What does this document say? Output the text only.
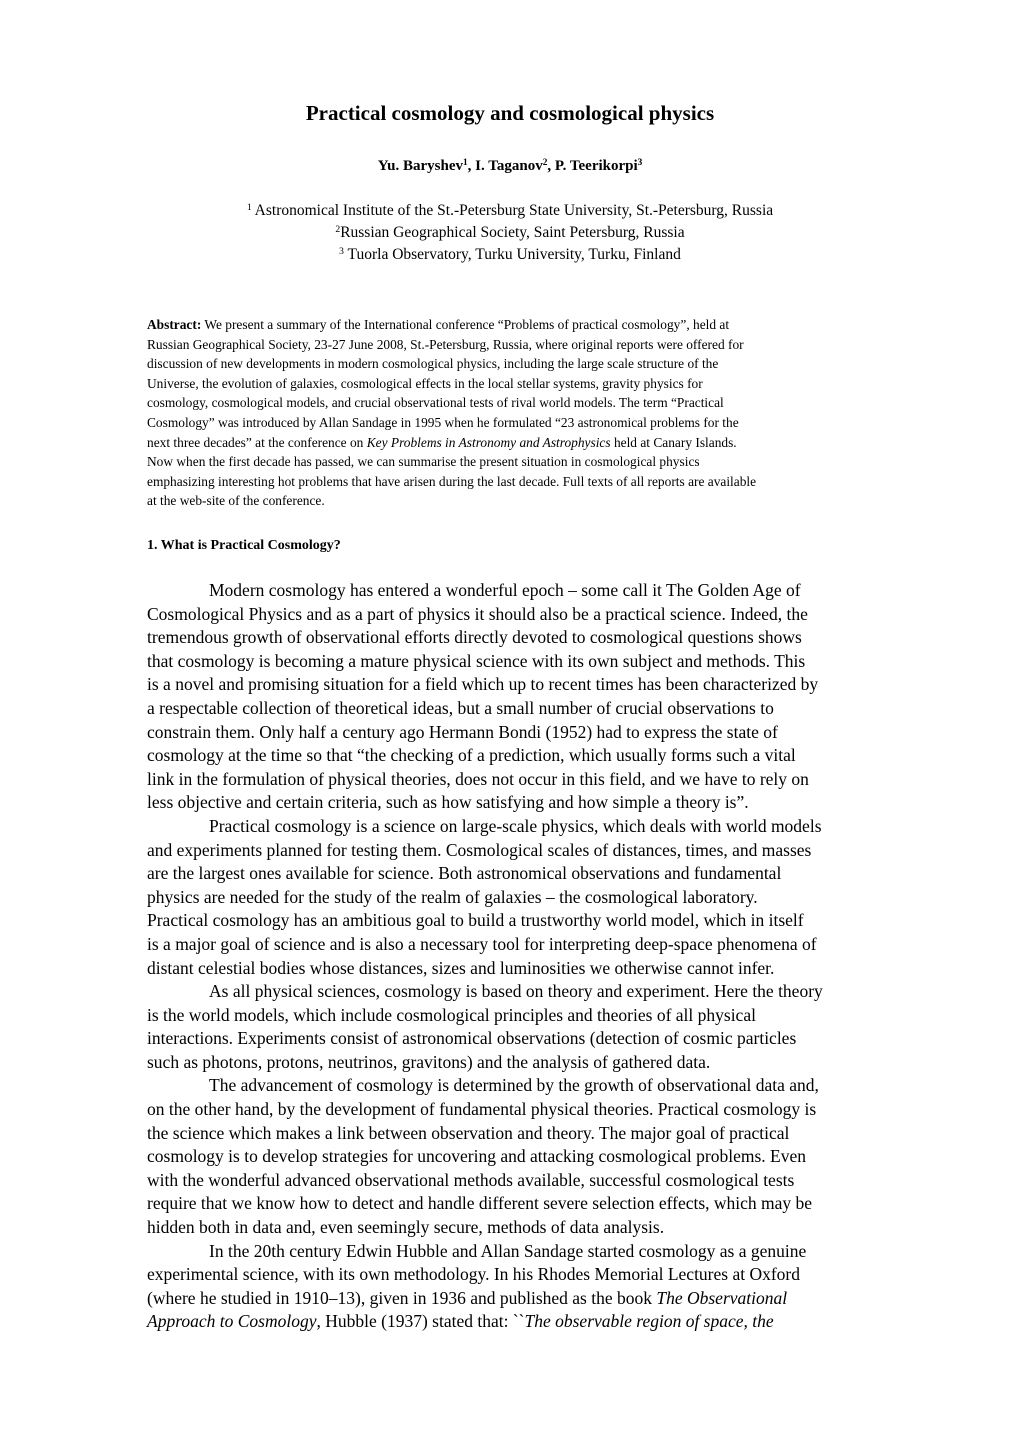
Practical cosmology and cosmological physics
Yu. Baryshev$^1$, I. Taganov$^2$, P. Teerikorpi$^3$
$^1$ Astronomical Institute of the St.-Petersburg State University, St.-Petersburg, Russia
$^2$Russian Geographical Society, Saint Petersburg, Russia
$^3$ Tuorla Observatory, Turku University, Turku, Finland
Abstract: We present a summary of the International conference “Problems of practical cosmology”, held at
Russian Geographical Society, 23-27 June 2008, St.-Petersburg, Russia, where original reports were offered for
discussion of new developments in modern cosmological physics, including the large scale structure of the
Universe, the evolution of galaxies, cosmological effects in the local stellar systems, gravity physics for
cosmology, cosmological models, and crucial observational tests of rival world models. The term “Practical
Cosmology” was introduced by Allan Sandage in 1995 when he formulated “23 astronomical problems for the
next three decades” at the conference on Key Problems in Astronomy and Astrophysics held at Canary Islands.
Now when the first decade has passed, we can summarise the present situation in cosmological physics
emphasizing interesting hot problems that have arisen during the last decade. Full texts of all reports are available
at the web-site of the conference.
1. What is Practical Cosmology?
Modern cosmology has entered a wonderful epoch – some call it The Golden Age of
Cosmological Physics and as a part of physics it should also be a practical science. Indeed, the
tremendous growth of observational efforts directly devoted to cosmological questions shows
that cosmology is becoming a mature physical science with its own subject and methods. This
is a novel and promising situation for a field which up to recent times has been characterized by
a respectable collection of theoretical ideas, but a small number of crucial observations to
constrain them. Only half a century ago Hermann Bondi (1952) had to express the state of
cosmology at the time so that “the checking of a prediction, which usually forms such a vital
link in the formulation of physical theories, does not occur in this field, and we have to rely on
less objective and certain criteria, such as how satisfying and how simple a theory is”.
Practical cosmology is a science on large-scale physics, which deals with world models
and experiments planned for testing them. Cosmological scales of distances, times, and masses
are the largest ones available for science. Both astronomical observations and fundamental
physics are needed for the study of the realm of galaxies – the cosmological laboratory.
Practical cosmology has an ambitious goal to build a trustworthy world model, which in itself
is a major goal of science and is also a necessary tool for interpreting deep-space phenomena of
distant celestial bodies whose distances, sizes and luminosities we otherwise cannot infer.
As all physical sciences, cosmology is based on theory and experiment. Here the theory
is the world models, which include cosmological principles and theories of all physical
interactions. Experiments consist of astronomical observations (detection of cosmic particles
such as photons, protons, neutrinos, gravitons) and the analysis of gathered data.
The advancement of cosmology is determined by the growth of observational data and,
on the other hand, by the development of fundamental physical theories. Practical cosmology is
the science which makes a link between observation and theory. The major goal of practical
cosmology is to develop strategies for uncovering and attacking cosmological problems. Even
with the wonderful advanced observational methods available, successful cosmological tests
require that we know how to detect and handle different severe selection effects, which may be
hidden both in data and, even seemingly secure, methods of data analysis.
In the 20th century Edwin Hubble and Allan Sandage started cosmology as a genuine
experimental science, with its own methodology. In his Rhodes Memorial Lectures at Oxford
(where he studied in 1910–13), given in 1936 and published as the book The Observational
Approach to Cosmology, Hubble (1937) stated that: ``The observable region of space, the
